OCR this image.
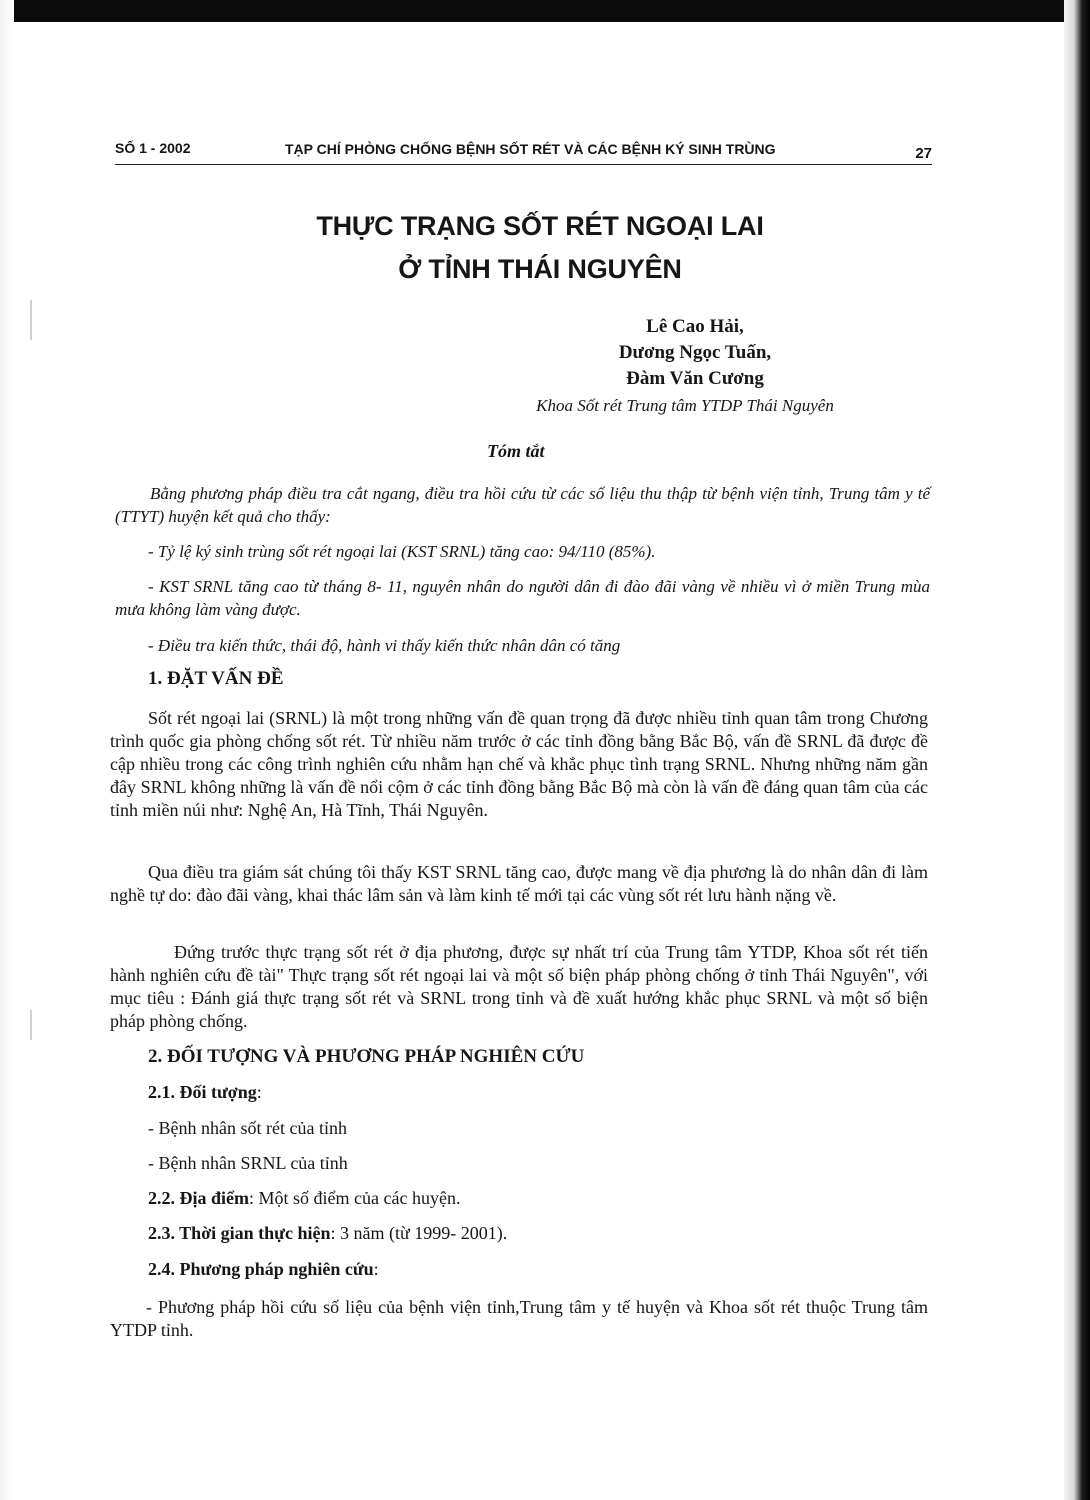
SỐ 1 - 2002	TẠP CHÍ PHÒNG CHỐNG BỆNH SỐT RÉT VÀ CÁC BỆNH KÝ SINH TRÙNG	27
THỰC TRẠNG SỐT RÉT NGOẠI LAI
Ở TỈNH THÁI NGUYÊN
Lê Cao Hải,
Dương Ngọc Tuấn,
Đàm Văn Cương
Khoa Sốt rét Trung tâm YTDP Thái Nguyên
Tóm tắt
Bằng phương pháp điều tra cắt ngang, điều tra hồi cứu từ các số liệu thu thập từ bệnh viện tỉnh, Trung tâm y tế (TTYT) huyện kết quả cho thấy:
- Tỷ lệ ký sinh trùng sốt rét ngoại lai (KST SRNL) tăng cao: 94/110 (85%).
- KST SRNL tăng cao từ tháng 8- 11, nguyên nhân do người dân đi đào đãi vàng về nhiều vì ở miền Trung mùa mưa không làm vàng được.
- Điều tra kiến thức, thái độ, hành vi thấy kiến thức nhân dân có tăng
1. ĐẶT VẤN ĐỀ
Sốt rét ngoại lai (SRNL) là một trong những vấn đề quan trọng đã được nhiều tỉnh quan tâm trong Chương trình quốc gia phòng chống sốt rét. Từ nhiều năm trước ở các tỉnh đồng bằng Bắc Bộ, vấn đề SRNL đã được đề cập nhiều trong các công trình nghiên cứu nhằm hạn chế và khắc phục tình trạng SRNL. Nhưng những năm gần đây SRNL không những là vấn đề nổi cộm ở các tỉnh đồng bằng Bắc Bộ mà còn là vấn đề đáng quan tâm của các tỉnh miền núi như: Nghệ An, Hà Tĩnh, Thái Nguyên.
Qua điều tra giám sát chúng tôi thấy KST SRNL tăng cao, được mang về địa phương là do nhân dân đi làm nghề tự do: đào đãi vàng, khai thác lâm sản và làm kinh tế mới tại các vùng sốt rét lưu hành nặng về.
Đứng trước thực trạng sốt rét ở địa phương, được sự nhất trí của Trung tâm YTDP, Khoa sốt rét tiến hành nghiên cứu đề tài" Thực trạng sốt rét ngoại lai và một số biện pháp phòng chống ở tỉnh Thái Nguyên", với mục tiêu : Đánh giá thực trạng sốt rét và SRNL trong tỉnh và đề xuất hướng khắc phục SRNL và một số biện pháp phòng chống.
2. ĐỐI TƯỢNG VÀ PHƯƠNG PHÁP NGHIÊN CỨU
2.1. Đối tượng:
- Bệnh nhân sốt rét của tỉnh
- Bệnh nhân SRNL của tỉnh
2.2. Địa điểm: Một số điểm của các huyện.
2.3. Thời gian thực hiện: 3 năm (từ 1999- 2001).
2.4. Phương pháp nghiên cứu:
- Phương pháp hồi cứu số liệu của bệnh viện tỉnh,Trung tâm y tế huyện và Khoa sốt rét thuộc Trung tâm YTDP tỉnh.
